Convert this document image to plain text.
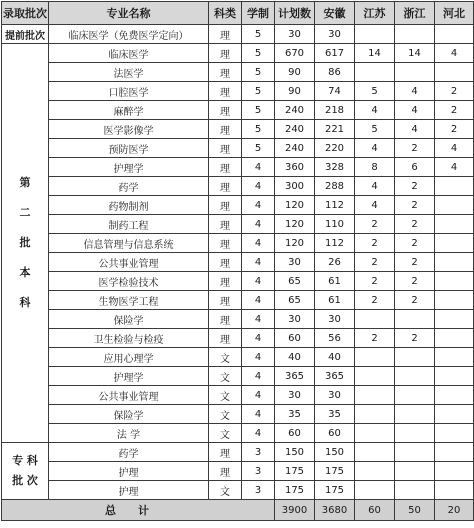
录取批次	专业名称	科类	学制	计划数	安徽	江苏	浙江	河北
提前批次	临床医学（免费医学定向）	理	5	30	30			

第
二
批
本
科	临床医学	理	5	670	617	14	14	4
	法医学	理	5	90	86			
	口腔医学	理	5	90	74	5	4	2
	麻醉学	理	5	240	218	4	4	2
	医学影像学	理	5	240	221	5	4	2
	预防医学	理	5	240	220	4	2	4
	护理学	理	4	360	328	8	6	4
	药学	理	4	300	288	4	2	
	药物制剂	理	4	120	112	4	2	
	制药工程	理	4	120	110	2	2	
	信息管理与信息系统	理	4	120	112	2	2	
	公共事业管理	理	4	30	26	2	2	
	医学检验技术	理	4	65	61	2	2	
	生物医学工程	理	4	65	61	2	2	
	保险学	理	4	30	30			
	卫生检验与检疫	理	4	60	56	2	2	
	应用心理学	文	4	40	40			
	护理学	文	4	365	365			
	公共事业管理	文	4	30	30			
	保险学	文	4	35	35			
	法 学	文	4	60	60			

专 科
批 次	药学	理	3	150	150			
	护理	理	3	175	175			
	护理	文	3	175	175			
总计				3900	3680	60	50	20
